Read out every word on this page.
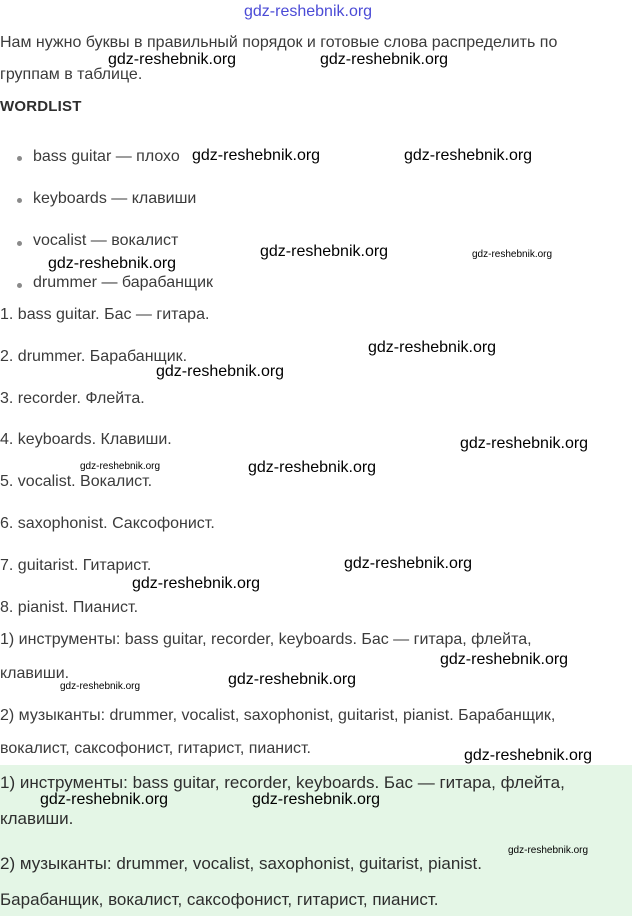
gdz-reshebnik.org
Нам нужно буквы в правильный порядок и готовые слова распределить по
группам в таблице.
WORDLIST
bass guitar — плохо
keyboards — клавиши
vocalist — вокалист
drummer — барабанщик
1. bass guitar. Бас — гитара.
2. drummer. Барабанщик.
3. recorder. Флейта.
4. keyboards. Клавиши.
5. vocalist. Вокалист.
6. saxophonist. Саксофонист.
7. guitarist. Гитарист.
8. pianist. Пианист.
1) инструменты: bass guitar, recorder, keyboards. Бас — гитара, флейта,
клавиши.
2) музыканты: drummer, vocalist, saxophonist, guitarist, pianist. Барабанщик,
вокалист, саксофонист, гитарист, пианист.
1) инструменты: bass guitar, recorder, keyboards. Бас — гитара, флейта,
клавиши.
2) музыканты: drummer, vocalist, saxophonist, guitarist, pianist.
Барабанщик, вокалист, саксофонист, гитарист, пианист.
gdz-reshebnik.org	gdz-reshebnik.org
gdz-reshebnik.org	gdz-reshebnik.org
gdz-reshebnik.org	gdz-reshebnik.org
gdz-reshebnik.org
gdz-reshebnik.org
gdz-reshebnik.org
gdz-reshebnik.org
gdz-reshebnik.org	gdz-reshebnik.org
gdz-reshebnik.org
gdz-reshebnik.org
gdz-reshebnik.org
gdz-reshebnik.org	gdz-reshebnik.org
gdz-reshebnik.org
gdz-reshebnik.org	gdz-reshebnik.org
gdz-reshebnik.org
